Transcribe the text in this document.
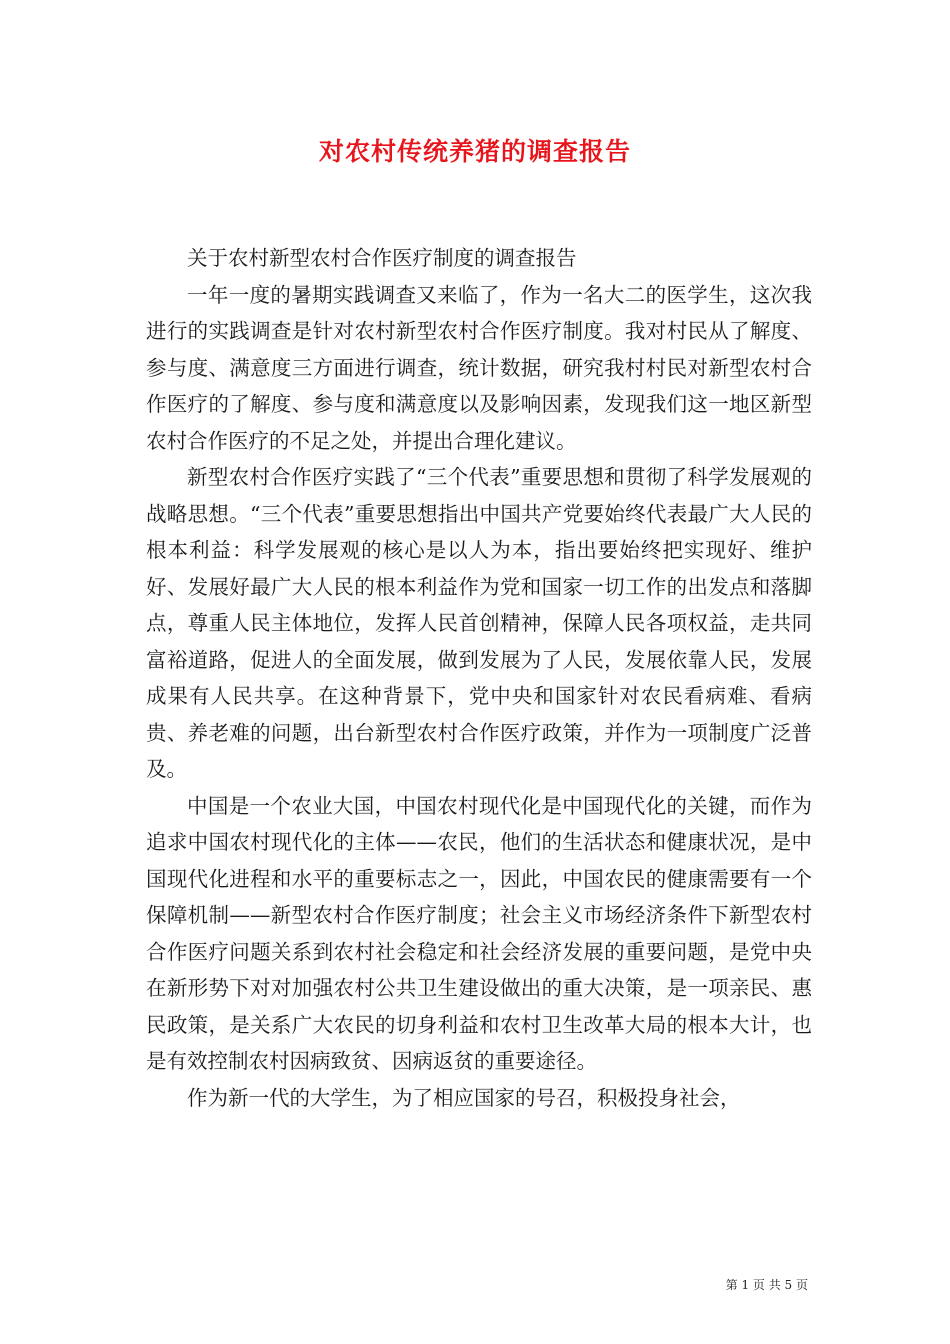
对农村传统养猪的调查报告

关于农村新型农村合作医疗制度的调查报告

一年一度的暑期实践调查又来临了，作为一名大二的医学生，这次我进行的实践调查是针对农村新型农村合作医疗制度。我对村民从了解度、参与度、满意度三方面进行调查，统计数据，研究我村村民对新型农村合作医疗的了解度、参与度和满意度以及影响因素，发现我们这一地区新型农村合作医疗的不足之处，并提出合理化建议。

新型农村合作医疗实践了“三个代表”重要思想和贯彻了科学发展观的战略思想。“三个代表”重要思想指出中国共产党要始终代表最广大人民的根本利益：科学发展观的核心是以人为本，指出要始终把实现好、维护好、发展好最广大人民的根本利益作为党和国家一切工作的出发点和落脚点，尊重人民主体地位，发挥人民首创精神，保障人民各项权益，走共同富裕道路，促进人的全面发展，做到发展为了人民，发展依靠人民，发展成果有人民共享。在这种背景下，党中央和国家针对农民看病难、看病贵、养老难的问题，出台新型农村合作医疗政策，并作为一项制度广泛普及。

中国是一个农业大国，中国农村现代化是中国现代化的关键，而作为追求中国农村现代化的主体——农民，他们的生活状态和健康状况，是中国现代化进程和水平的重要标志之一，因此，中国农民的健康需要有一个保障机制——新型农村合作医疗制度；社会主义市场经济条件下新型农村合作医疗问题关系到农村社会稳定和社会经济发展的重要问题，是党中央在新形势下对对加强农村公共卫生建设做出的重大决策，是一项亲民、惠民政策，是关系广大农民的切身利益和农村卫生改革大局的根本大计，也是有效控制农村因病致贫、因病返贫的重要途径。

作为新一代的大学生，为了相应国家的号召，积极投身社会，

第 1 页 共 5 页
